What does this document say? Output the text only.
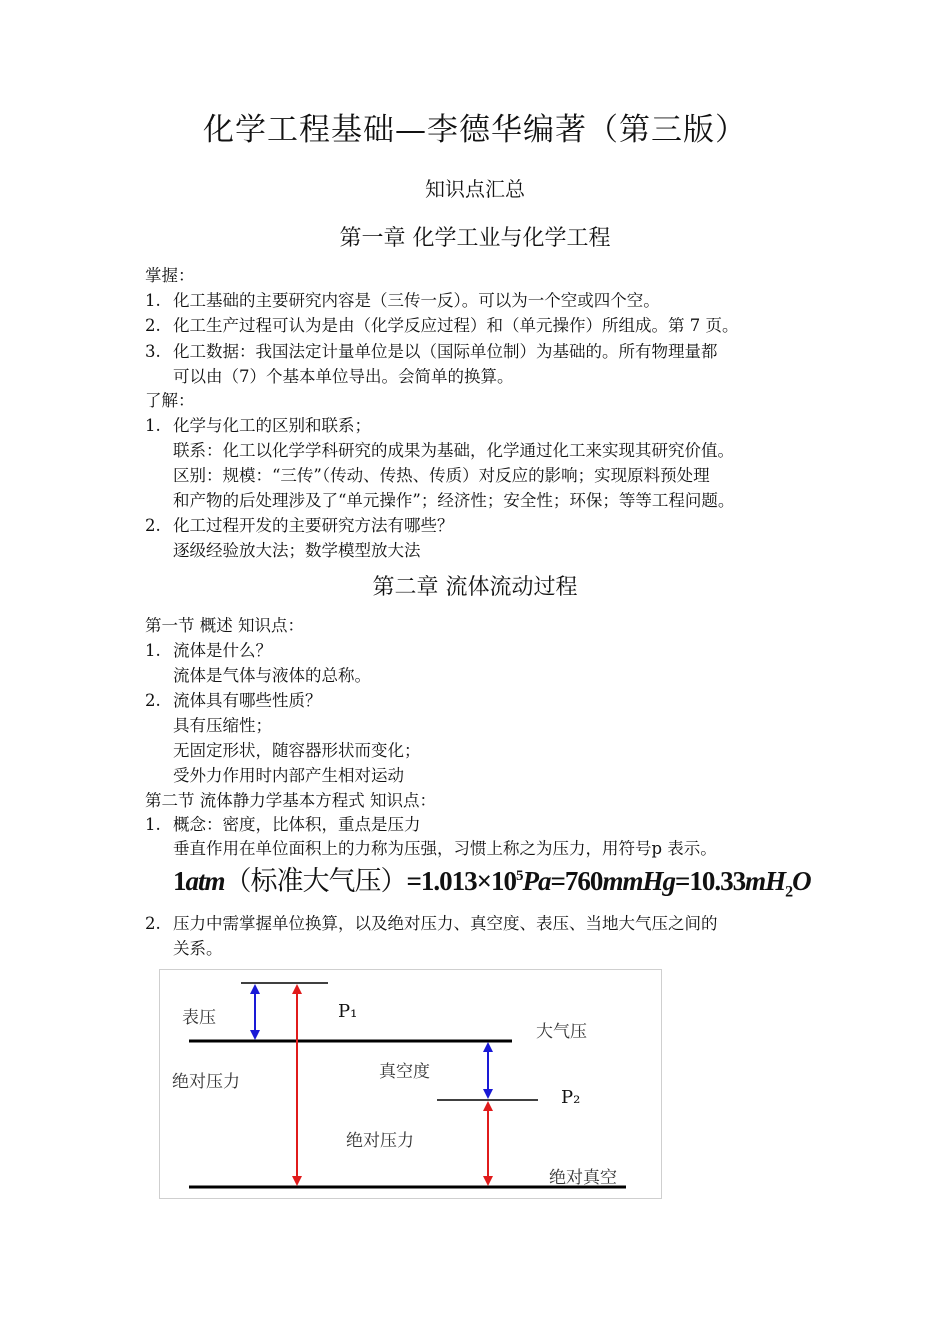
化学工程基础—李德华编著（第三版）
知识点汇总
第一章 化学工业与化学工程
掌握：
1. 化工基础的主要研究内容是（三传一反）。可以为一个空或四个空。
2. 化工生产过程可认为是由（化学反应过程）和（单元操作）所组成。第 7 页。
3. 化工数据：我国法定计量单位是以（国际单位制）为基础的。所有物理量都
可以由（7）个基本单位导出。会简单的换算。
了解：
1. 化学与化工的区别和联系；
联系：化工以化学学科研究的成果为基础，化学通过化工来实现其研究价值。
区别：规模：“三传”（传动、传热、传质）对反应的影响；实现原料预处理
和产物的后处理涉及了“单元操作”；经济性；安全性；环保；等等工程问题。
2. 化工过程开发的主要研究方法有哪些？
逐级经验放大法；数学模型放大法
第二章 流体流动过程
第一节 概述 知识点：
1. 流体是什么？
流体是气体与液体的总称。
2. 流体具有哪些性质？
具有压缩性；
无固定形状，随容器形状而变化；
受外力作用时内部产生相对运动
第二节 流体静力学基本方程式 知识点：
1. 概念：密度，比体积，重点是压力
垂直作用在单位面积上的力称为压强，习惯上称之为压力，用符号p 表示。
1atm（标准大气压）$=1.013\times 10^5Pa=760mmHg=10.33mH_2O$
2. 压力中需掌握单位换算，以及绝对压力、真空度、表压、当地大气压之间的
关系。
表压
绝对压力
P₁
大气压
真空度
P₂
绝对压力
绝对真空
